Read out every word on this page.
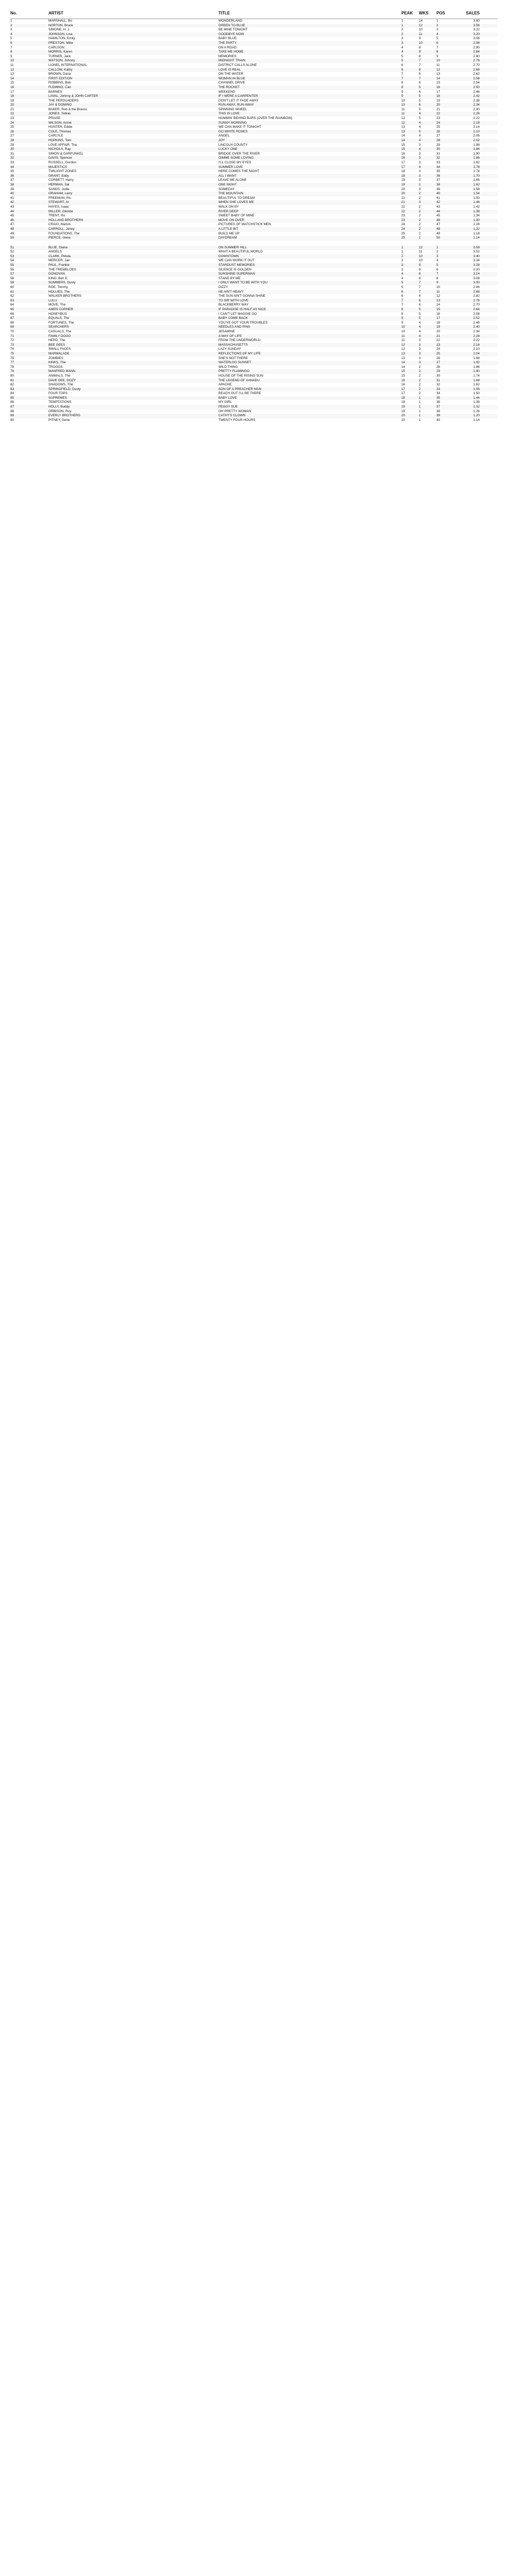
No.	ARTIST	TITLE	PEAK	WKS	POS	SALES
1	MARSHALL, Bo	WONDERLAND	1	14	1	3.60
2	NORTON, Bruce	GREEN TO BLUE	1	12	2	3.56
3	SIMONE, H. J.	BE MINE TONIGHT	2	10	3	3.22
4	JOHNSON, Lisa	GOODBYE NOW	2	11	4	3.20
5	HAMILTON, Emily	BABY BLUE	3	9	5	3.06
6	PRESTON, Mike	THE PARTY	3	10	6	2.98
7	CARLSON	ON A ROAD	4	8	7	2.90
8	MORRIS, Karen	TAKE ME HOME	4	9	8	2.84
9	TURNER, Jack	MEMORIES	5	8	9	2.80
10	WATSON, Johnny	MIDNIGHT TRAIN	5	7	10	2.76
11	LIONEL INTERNATIONAL	DISTRICT CALLS ALONE	6	7	11	2.70
12	CALLOW, Kathy	LOVE IS REAL	6	8	12	2.66
13	BROWN, Dana	ON THE WATER	7	6	13	2.62
14	FIRST EDITION	WOMAN IN BLUE	7	7	14	2.58
15	ROBBINS, Bob	CHANNEL DRIVE	8	6	15	2.54
16	FLEMING, Carl	THE ROCKET	8	5	16	2.50
17	BARNES	WEEKEND	9	6	17	2.46
18	LAVAL, Johnny & JOHN CARTER	IF I WERE A CARPENTER	9	5	18	2.42
19	THE PERSUADERS	DON'T LET IT FADE AWAY	10	5	19	2.38
20	JAY & DOMINO	RUN AWAY, RUN AWAY	10	6	20	2.34
21	BAKER, Rob & the Bravos	SPINNING WHEEL	11	5	21	2.30
22	JONES, Tobias	THIS IS LOVE	11	4	22	2.26
23	PRAISE	HUMMIN' BEHIND BARS (OVER THE RAINBOW)	12	5	23	2.22
24	WILSON, Annie	SUNNY MORNING	12	4	24	2.18
25	HUNTER, Eddie	WE CAN MAKE IT TONIGHT	13	4	25	2.14
26	COLE, Thomas	GO WHITE ROSES	13	5	26	2.10
27	CARLYLE	ANGEL	14	4	27	2.06
28	HOPKINS, Tom	JOY	14	4	28	2.02
29	LOVE AFFAIR, The	LINCOLN COUNTY	15	3	29	1.98
30	NICHOLS, Ray	LUCKY ONE	15	4	30	1.94
31	SIMON & GARFUNKEL	BRIDGE OVER THE RIVER	16	3	31	1.90
32	DAVIS, Spencer	GIMME SOME LOVING	16	3	32	1.86
33	RUSSELL, Gordon	I'LL CLOSE MY EYES	17	3	33	1.82
34	MAJESTICS	SUMMER LOVE	17	4	34	1.78
35	TWILIGHT ZONES	HERE COMES THE NIGHT	18	3	35	1.74
36	GRANT, Eddy	ALL I WANT	18	3	36	1.70
37	CORBETT, Harry	LEAVE ME ALONE	19	3	37	1.66
38	HERMAN, Sal	ONE NIGHT	19	2	38	1.62
39	SANDS, Jodie	SOMEDAY	20	3	39	1.58
40	GRAHAM, Larry	THE MOUNTAIN	20	2	40	1.54
41	FREEMAN, Ric	BEAUTIFUL TO DREAM	21	2	41	1.50
42	STEWART, Al	WHEN SHE LOVES ME	21	3	42	1.46
43	HAYES, Isaac	WALK ON BY	22	2	43	1.42
44	MILLER, Glenda	RIVER DEEP	22	2	44	1.38
45	TRENT, Ro	SWEET BABY OF MINE	23	2	45	1.34
46	HOLLAND BROTHERS	MOVE ON OVER	23	2	46	1.30
47	CRAIG, Marion	PICTURES OF MATCHSTICK MEN	24	2	47	1.26
48	CARROLL, Janey	A LITTLE BIT	24	2	48	1.22
49	FOUNDATIONS, The	BUILD ME UP	25	2	49	1.18
50	PIERCE, Gene	DAYDREAM	25	1	50	1.14
51	BLUE, Diana	ON SUMMER HILL	1	12	1	3.58
52	ANGELS	WHAT A BEAUTIFUL WORLD	1	11	2	3.52
53	CLARK, Petula	DOWNTOWN	2	10	3	3.40
54	MERCER, Jan	WE CAN WORK IT OUT	2	10	4	3.34
55	PAUL, Frankie	STARDUST MEMORIES	3	9	5	3.28
56	THE TREMELOES	SILENCE IS GOLDEN	3	9	6	3.20
57	DONOVAN	SUNSHINE SUPERMAN	4	8	7	3.14
58	KING, Ben E.	STAND BY ME	4	8	8	3.08
59	SUMMERS, Dusty	I ONLY WANT TO BE WITH YOU	5	7	9	3.00
60	ROE, Tommy	DIZZY	5	7	10	2.94
61	HOLLIES, The	HE AIN'T HEAVY	6	7	11	2.88
62	WALKER BROTHERS	THE SUN AIN'T GONNA SHINE	6	6	12	2.82
63	LULU	TO SIR WITH LOVE	7	6	13	2.76
64	MOVE, The	BLACKBERRY WAY	7	6	14	2.70
65	AMEN CORNER	IF PARADISE IS HALF AS NICE	8	5	15	2.64
66	HONEYBUS	I CAN'T LET MAGGIE GO	8	5	16	2.58
67	EQUALS, The	BABY COME BACK	9	5	17	2.52
68	FORTUNES, The	YOU'VE GOT YOUR TROUBLES	9	4	18	2.46
69	SEARCHERS	NEEDLES AND PINS	10	4	19	2.40
70	CASUALS, The	JESAMINE	10	4	20	2.34
71	FAMILY DOGG	A WAY OF LIFE	11	4	21	2.28
72	HERD, The	FROM THE UNDERWORLD	11	3	22	2.22
73	BEE GEES	MASSACHUSETTS	12	3	23	2.16
74	SMALL FACES	LAZY SUNDAY	12	3	24	2.10
75	MARMALADE	REFLECTIONS OF MY LIFE	13	3	25	2.04
76	ZOMBIES	SHE'S NOT THERE	13	3	26	1.98
77	KINKS, The	WATERLOO SUNSET	14	3	27	1.92
78	TROGGS	WILD THING	14	2	28	1.86
79	MANFRED MANN	PRETTY FLAMINGO	15	2	29	1.80
80	ANIMALS, The	HOUSE OF THE RISING SUN	15	2	30	1.74
81	DAVE DEE, DOZY	THE LEGEND OF XANADU	16	2	31	1.68
82	SHADOWS, The	APACHE	16	2	32	1.62
83	SPRINGFIELD, Dusty	SON OF A PREACHER MAN	17	2	33	1.56
84	FOUR TOPS	REACH OUT I'LL BE THERE	17	2	34	1.50
85	SUPREMES	BABY LOVE	18	1	35	1.44
86	TEMPTATIONS	MY GIRL	18	1	36	1.38
87	HOLLY, Buddy	PEGGY SUE	19	1	37	1.32
88	ORBISON, Roy	OH PRETTY WOMAN	19	1	38	1.26
89	EVERLY BROTHERS	CATHY'S CLOWN	20	1	39	1.20
90	PITNEY, Gene	TWENTY FOUR HOURS	20	1	40	1.14
